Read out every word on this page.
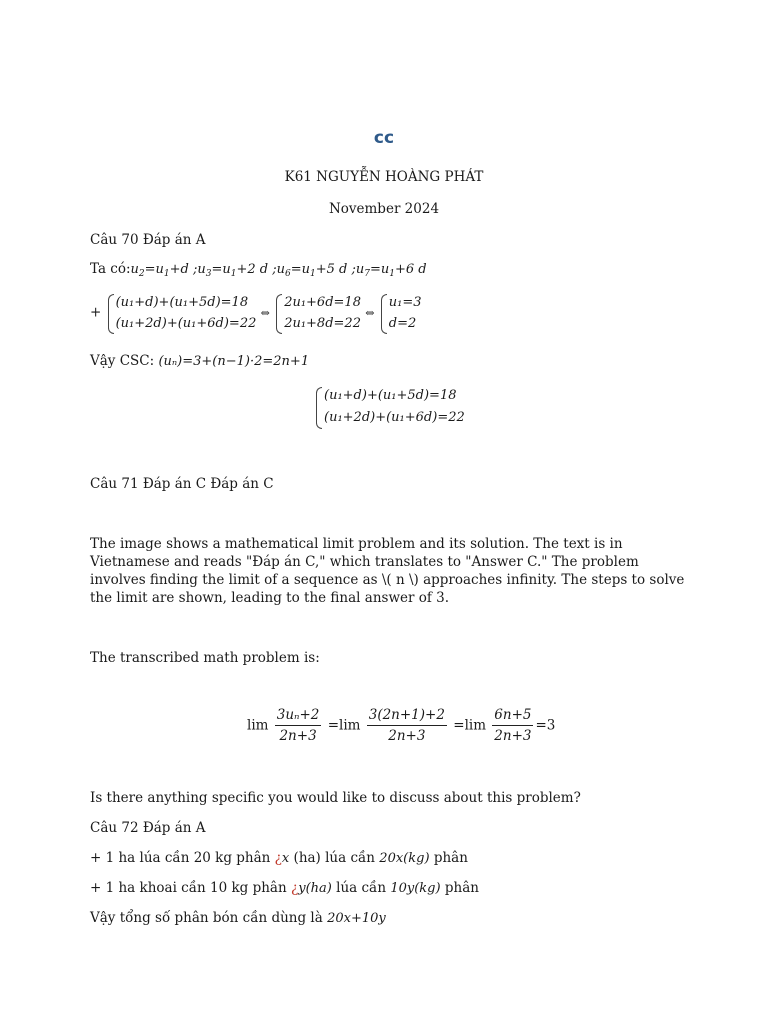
cc
K61 NGUYỄN HOÀNG PHÁT
November 2024
Câu 70 Đáp án A
Ta $có:u_2=u_1+d$ $;u_3=u_1+2$ d $;u_6=u_1+5$ d $;u_7=u_1+6$ d
+
(u₁+d)+(u₁+5d)=18
(u₁+2d)+(u₁+6d)=22
⇔
2u₁+6d=18
2u₁+8d=22
⇔
u₁=3
d=2
Vậy CSC: (uₙ)=3+(n−1)·2=2n+1
(u₁+d)+(u₁+5d)=18
(u₁+2d)+(u₁+6d)=22
Câu 71 Đáp án C Đáp án C
The image shows a mathematical limit problem and its solution. The text is in Vietnamese and reads "Đáp án C," which translates to "Answer C." The problem involves finding the limit of a sequence as \( n \) approaches infinity. The steps to solve the limit are shown, leading to the final answer of 3.
The transcribed math problem is:
$\lim \frac{\text{3uₙ+2}}{2n+3} =\lim \frac{3(2n+1)+2}{2n+3} =\lim \frac{6n+5}{2n+3} =3$
Is there anything specific you would like to discuss about this problem?
Câu 72 Đáp án A
+ 1 ha lúa cần 20 kg phân ¿x (ha) lúa cần 20x(kg) phân
+ 1 ha khoai cần 10 kg phân ¿y(ha) lúa cần 10y(kg) phân
Vậy tổng số phân bón cần dùng là 20x+10y
